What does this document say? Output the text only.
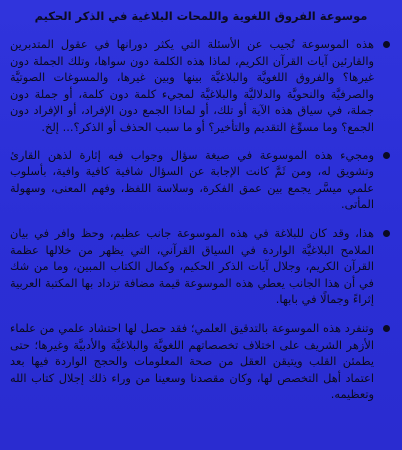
موسوعة الفروق اللغوية واللمحات البلاغية في الذكر الحكيم
هذه الموسوعة تُجيب عن الأسئلة التي يكثر دورانها في عقول المتدبرين والقارئين آيات القرآن الكريم، لماذا هذه الكلمة دون سواها، وتلك الجملة دون غيرها؟ والفروق اللغويَّة والبلاغيَّة بينها وبين غيرها، والمسوغات الصوتيَّة والصرفيَّة والنحويَّة والدلاليَّة والبلاغيَّة لمجيء كلمة دون كلمة، أو جملة دون جملة، في سياق هذه الآية أو تلك، أو لماذا الجمع دون الإفراد، أو الإفراد دون الجمع؟ وما مسوِّغ التقديم والتأخير؟ أو ما سبب الحذف أو الذكر؟... إلخ.
ومجيء هذه الموسوعة في صيغة سؤال وجواب فيه إثارة لذهن القارئ وتشويق له، ومن ثَمَّ كانت الإجابة عن السؤال شافية كافية وافية، بأسلوب علمي ميسَّر يجمع بين عمق الفكرة، وسلاسة اللفظ، وفهم المعنى، وسهولة المأتى.
هذا، وقد كان للبلاغة في هذه الموسوعة جانب عظيم، وحظ وافر في بيان الملامح البلاغيَّة الواردة في السياق القرآني، التي يظهر من خلالها عظمة القرآن الكريم، وجلال آيات الذكر الحكيم، وكمال الكتاب المبين، وما من شك في أن هذا الجانب يعطي هذه الموسوعة قيمة مضافة تزداد بها المكتبة العربية إثراءً وجمالًا في بابها.
وتنفرد هذه الموسوعة بالتدقيق العلمي؛ فقد حصل لها احتشاد علمي من علماء الأزهر الشريف على اختلاف تخصصاتهم اللغويَّة والبلاغيَّة والأدبيَّة وغيرها؛ حتى يطمئن القلب ويتيقن العقل من صحة المعلومات والحجج الواردة فيها بعد اعتماد أهل التخصص لها، وكان مقصدنا وسعينا من وراء ذلك إجلال كتاب الله وتعظيمه.
